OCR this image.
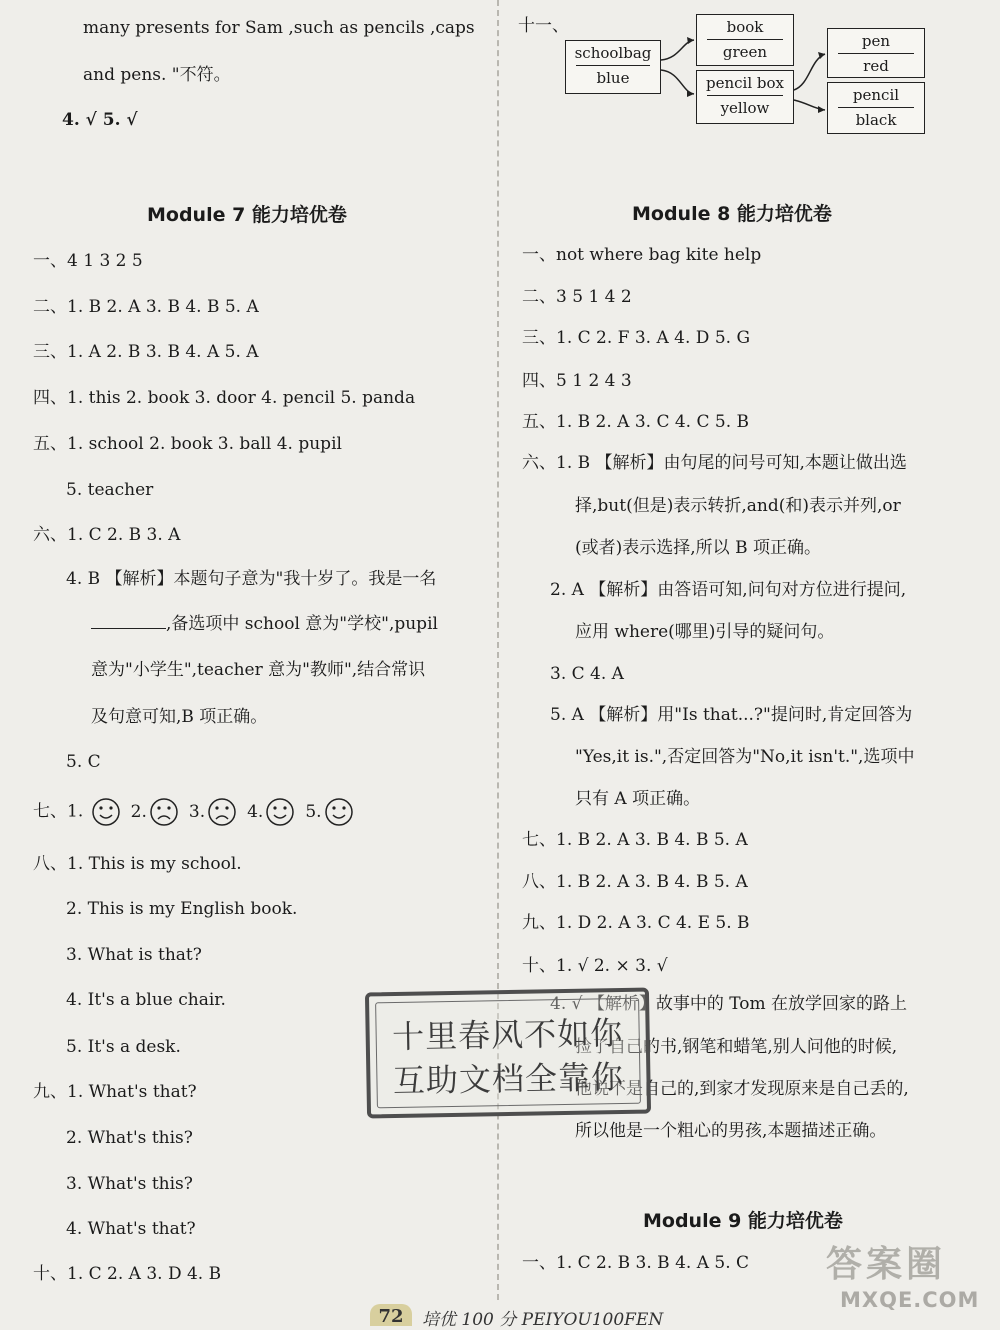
many presents for Sam ,such as pencils ,caps
and pens. "不符。
4. √ 5. √
一、4 1 3 2 5
二、1. B 2. A 3. B 4. B 5. A
三、1. A 2. B 3. B 4. A 5. A
四、1. this 2. book 3. door 4. pencil 5. panda
五、1. school 2. book 3. ball 4. pupil
5. teacher
六、1. C 2. B 3. A
4. B 【解析】本题句子意为"我十岁了。我是一名
意为"小学生",teacher 意为"教师",结合常识
及句意可知,B 项正确。
5. C
八、1. This is my school.
2. This is my English book.
3. What is that?
4. It's a blue chair.
5. It's a desk.
九、1. What's that?
2. What's this?
3. What's this?
4. What's that?
十、1. C 2. A 3. D 4. B
Module 7 能力培优卷
,备选项中 school 意为"学校",pupil
七、1.	2. 3. 4. 5.
十一、
schoolbag
blue
book
green
pencil box
yellow
pen
red
pencil
black
Module 8 能力培优卷
Module 9 能力培优卷
一、not where bag kite help
二、3 5 1 4 2
三、1. C 2. F 3. A 4. D 5. G
四、5 1 2 4 3
五、1. B 2. A 3. C 4. C 5. B
六、1. B 【解析】由句尾的问号可知,本题让做出选
择,but(但是)表示转折,and(和)表示并列,or
(或者)表示选择,所以 B 项正确。
2. A 【解析】由答语可知,问句对方位进行提问,
应用 where(哪里)引导的疑问句。
3. C 4. A
5. A 【解析】用"Is that...?"提问时,肯定回答为
"Yes,it is.",否定回答为"No,it isn't.",选项中
只有 A 项正确。
七、1. B 2. A 3. B 4. B 5. A
八、1. B 2. A 3. B 4. B 5. A
九、1. D 2. A 3. C 4. E 5. B
十、1. √ 2. × 3. √
4. √ 【解析】故事中的 Tom 在放学回家的路上
捡了自己的书,钢笔和蜡笔,别人问他的时候,
他说不是自己的,到家才发现原来是自己丢的,
所以他是一个粗心的男孩,本题描述正确。
一、1. C 2. B 3. B 4. A 5. C
十里春风不如你
互助文档全靠你
72	培优 100 分 PEIYOU100FEN
答案圈
MXQE.COM
